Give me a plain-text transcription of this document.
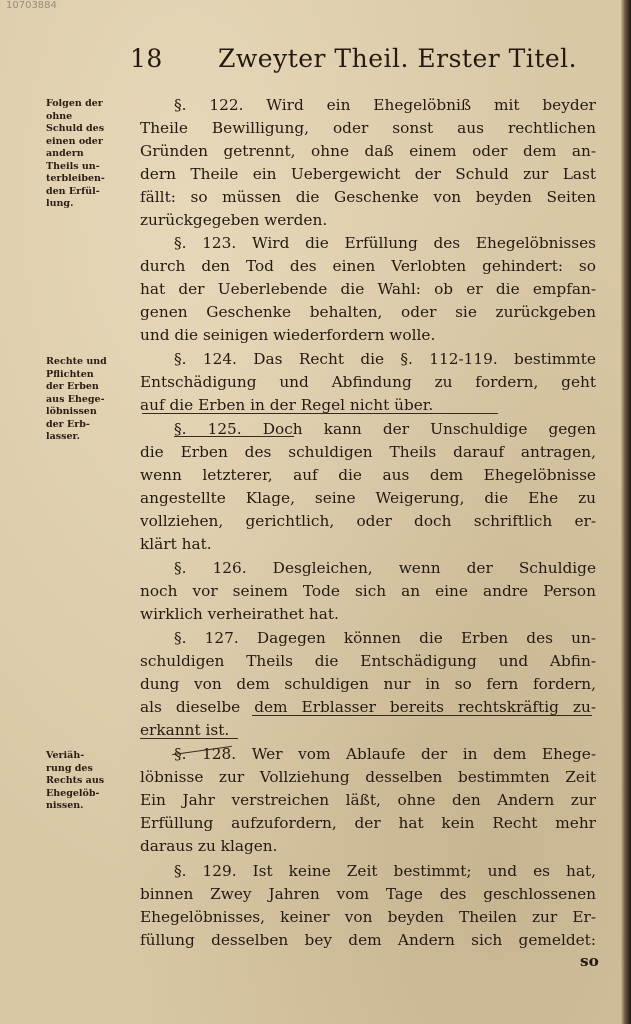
10703884
18 Zweyter Theil. Erster Titel.
Folgen der
ohne
Schuld des
einen oder
andern
Theils un-
terbleiben-
den Erfül-
lung.
Rechte und
Pflichten
der Erben
aus Ehege-
löbnissen
der Erb-
lasser.
Veriäh-
rung des
Rechts aus
Ehegelöb-
nissen.
§. 122. Wird ein Ehegelöbniß mit beyder
Theile Bewilligung, oder sonst aus rechtlichen
Gründen getrennt, ohne daß einem oder dem an-
dern Theile ein Uebergewicht der Schuld zur Last
fällt: so müssen die Geschenke von beyden Seiten
zurückgegeben werden.
§. 123. Wird die Erfüllung des Ehegelöbnisses
durch den Tod des einen Verlobten gehindert: so
hat der Ueberlebende die Wahl: ob er die empfan-
genen Geschenke behalten, oder sie zurückgeben
und die seinigen wiederfordern wolle.
§. 124. Das Recht die §. 112-119. bestimmte
Entschädigung und Abfindung zu fordern, geht
auf die Erben in der Regel nicht über.
§. 125. Doch kann der Unschuldige gegen
die Erben des schuldigen Theils darauf antragen,
wenn letzterer, auf die aus dem Ehegelöbnisse
angestellte Klage, seine Weigerung, die Ehe zu
vollziehen, gerichtlich, oder doch schriftlich er-
klärt hat.
§. 126. Desgleichen, wenn der Schuldige
noch vor seinem Tode sich an eine andre Person
wirklich verheirathet hat.
§. 127. Dagegen können die Erben des un-
schuldigen Theils die Entschädigung und Abfin-
dung von dem schuldigen nur in so fern fordern,
als dieselbe dem Erblasser bereits rechtskräftig zu-
erkannt ist.
§. 128. Wer vom Ablaufe der in dem Ehege-
löbnisse zur Vollziehung desselben bestimmten Zeit
Ein Jahr verstreichen läßt, ohne den Andern zur
Erfüllung aufzufordern, der hat kein Recht mehr
daraus zu klagen.
§. 129. Ist keine Zeit bestimmt; und es hat,
binnen Zwey Jahren vom Tage des geschlossenen
Ehegelöbnisses, keiner von beyden Theilen zur Er-
füllung desselben bey dem Andern sich gemeldet:
so
